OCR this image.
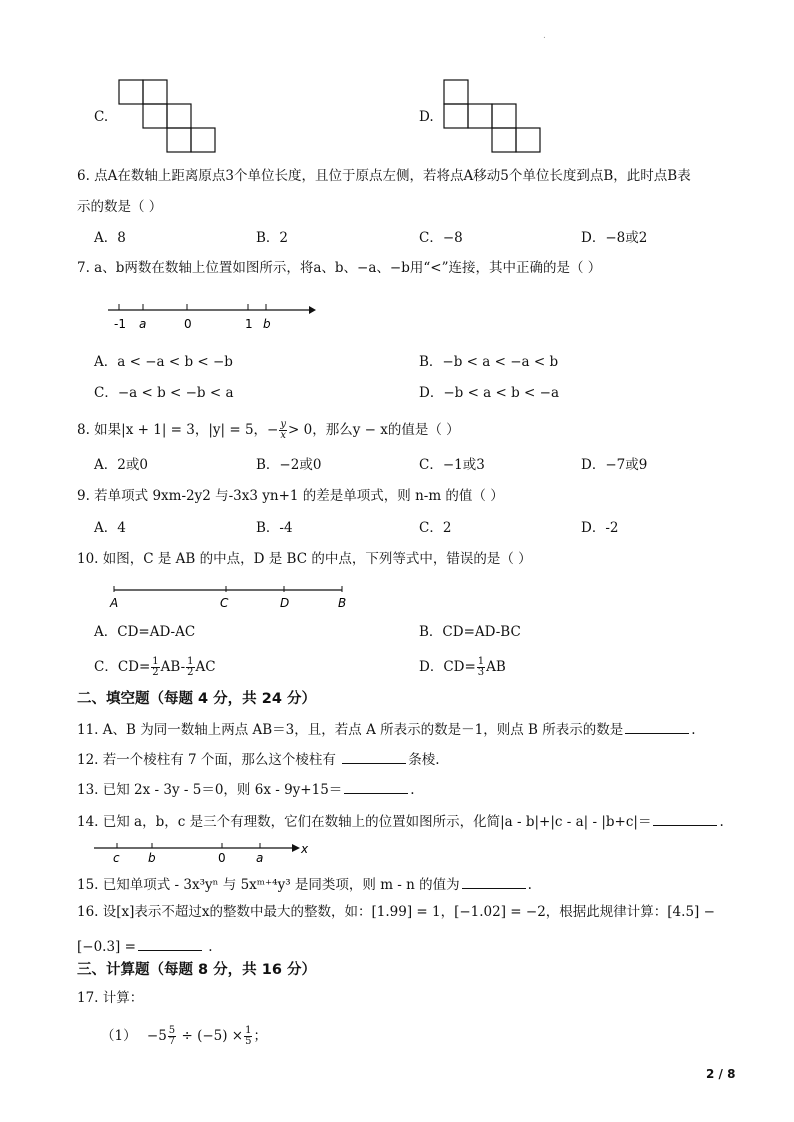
.
C.	D.
6. 点A在数轴上距离原点3个单位长度，且位于原点左侧，若将点A移动5个单位长度到点B，此时点B表
示的数是（ ）
A．8	B．2	C．−8	D．−8或2
7. a、b两数在数轴上位置如图所示，将a、b、−a、−b用“<”连接，其中正确的是（ ）
-1 a	0	1 b
A．a < −a < b < −b	B．−b < a < −a < b
C．−a < b < −b < a	D．−b < a < b < −a
8. 如果|x + 1| = 3，|y| = 5，− $\frac{y}{x} > 0$，那么y − x的值是（ ）
A．2或0	B．−2或0	C．−1或3	D．−7或9
9. 若单项式 9xm-2y2 与-3x3 yn+1 的差是单项式，则 n-m 的值（ ）
A．4	B．-4	C．2	D．-2
10. 如图，C 是 AB 的中点，D 是 BC 的中点，下列等式中，错误的是（ ）
A	C	D	B
A．CD=AD-AC	B．CD=AD-BC
C．$CD= \frac{1}{2} AB- \frac{1}{2}$ AC	D．$CD= \frac{1}{3}$ AB
二、填空题（每题 4 分，共 24 分）
11. A、B 为同一数轴上两点 AB＝3，且，若点 A 所表示的数是－1，则点 B 所表示的数是	.
12. 若一个棱柱有 7 个面，那么这个棱柱有	条棱.
13. 已知 2x - 3y - 5＝0，则 6x - 9y+15＝	.
14. 已知 a，b，c 是三个有理数，它们在数轴上的位置如图所示，化简|a - b|+|c - a| - |b+c|＝	.
c b	0	a
x
15. 已知单项式 - 3x³yⁿ 与 5xᵐ⁺⁴y³ 是同类项，则 m - n 的值为	.
16. 设[x]表示不超过x的整数中最大的整数，如：[1.99] = 1，[−1.02] = −2，根据此规律计算：[4.5] −
[−0.3] =	.
三、计算题（每题 8 分，共 16 分）
17. 计算：
$(1) -5 \frac{5}{7} \div (-5) \times \frac{1}{5}$ ；
2 / 8
